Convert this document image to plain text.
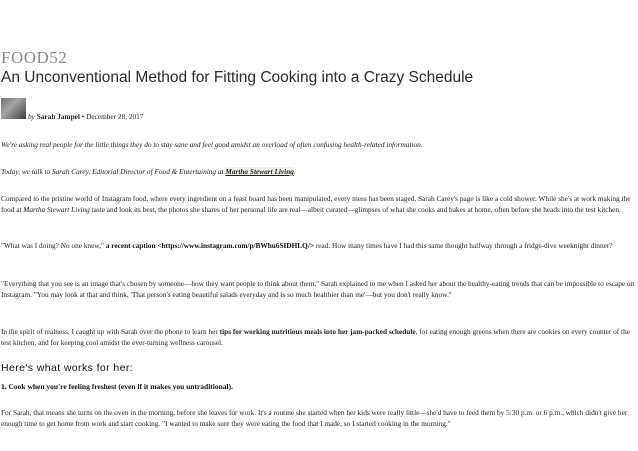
FOOD52
An Unconventional Method for Fitting Cooking into a Crazy Schedule
by Sarah Jampel • December 28, 2017
We're asking real people for the little things they do to stay sane and feel good amidst an overload of often confusing health-related information.
Today, we talk to Sarah Carey, Editorial Director of Food & Entertaining at Martha Stewart Living.
Compared to the pristine world of Instagram food, where every ingredient on a feast board has been manipulated, every mess has been staged, Sarah Carey's page is like a cold shower. While she's at work making the food at Martha Stewart Living taste and look its best, the photos she shares of her personal life are real—albeit curated—glimpses of what she cooks and bakes at home, often before she heads into the test kitchen.
"What was I doing? No one knew," a recent caption <https://www.instagram.com/p/BWhu6SIDHLQ/> read. How many times have I had this same thought halfway through a fridge-dive weeknight dinner?
"Everything that you see is an image that's chosen by someone—how they want people to think about them," Sarah explained to me when I asked her about the healthy-eating trends that can be impossible to escape on Instagram. "You may look at that and think, 'That person's eating beautiful salads everyday and is so much healthier than me'—but you don't really know."
In the spirit of realness, I caught up with Sarah over the phone to learn her tips for working nutritious meals into her jam-packed schedule, for eating enough greens when there are cookies on every counter of the test kitchen, and for keeping cool amidst the ever-turning wellness carousel.
Here's what works for her:
1. Cook when you're feeling freshest (even if it makes you untraditional).
For Sarah, that means she turns on the oven in the morning, before she leaves for work. It's a routine she started when her kids were really little—she'd have to feed them by 5:30 p.m. or 6 p.m., which didn't give her enough time to get home from work and start cooking. "I wanted to make sure they were eating the food that I made, so I started cooking in the morning."
